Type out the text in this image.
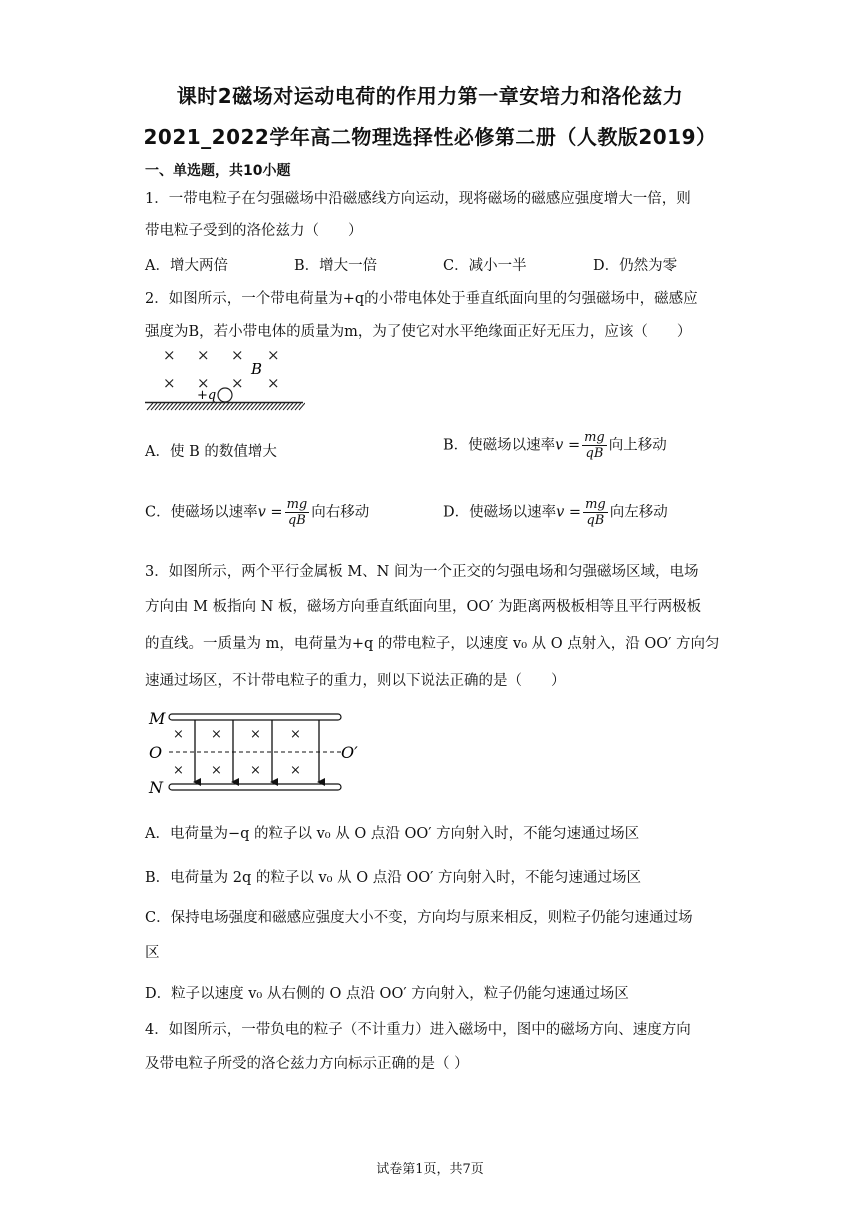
课时2磁场对运动电荷的作用力第一章安培力和洛伦兹力
2021_2022学年高二物理选择性必修第二册（人教版2019）
一、单选题，共10小题
1．一带电粒子在匀强磁场中沿磁感线方向运动，现将磁场的磁感应强度增大一倍，则
带电粒子受到的洛伦兹力（　　）
A．增大两倍	B．增大一倍	C．减小一半	D．仍然为零
2．如图所示，一个带电荷量为+q的小带电体处于垂直纸面向里的匀强磁场中，磁感应
强度为B，若小带电体的质量为m，为了使它对水平绝缘面正好无压力，应该（　　）
× × × ×
× × × ×
B
+q
A．使 B 的数值增大	B．使磁场以速率$v = \frac{mg}{qB}$ 向上移动
C．使磁场以速率$v = \frac{mg}{qB}$ 向右移动	D．使磁场以速率$v = \frac{mg}{qB}$ 向左移动
3．如图所示，两个平行金属板 M、N 间为一个正交的匀强电场和匀强磁场区域，电场
方向由 M 板指向 N 板，磁场方向垂直纸面向里，OO′ 为距离两极板相等且平行两极板
的直线。一质量为 m，电荷量为+q 的带电粒子，以速度 v₀ 从 O 点射入，沿 OO′ 方向匀
速通过场区，不计带电粒子的重力，则以下说法正确的是（　　）
M
O
N
O′
× × × ×
× × × ×
A．电荷量为−q 的粒子以 v₀ 从 O 点沿 OO′ 方向射入时，不能匀速通过场区
B．电荷量为 2q 的粒子以 v₀ 从 O 点沿 OO′ 方向射入时，不能匀速通过场区
C．保持电场强度和磁感应强度大小不变，方向均与原来相反，则粒子仍能匀速通过场
区
D．粒子以速度 v₀ 从右侧的 O 点沿 OO′ 方向射入，粒子仍能匀速通过场区
4．如图所示，一带负电的粒子（不计重力）进入磁场中，图中的磁场方向、速度方向
及带电粒子所受的洛仑兹力方向标示正确的是（ ）
试卷第1页，共7页
